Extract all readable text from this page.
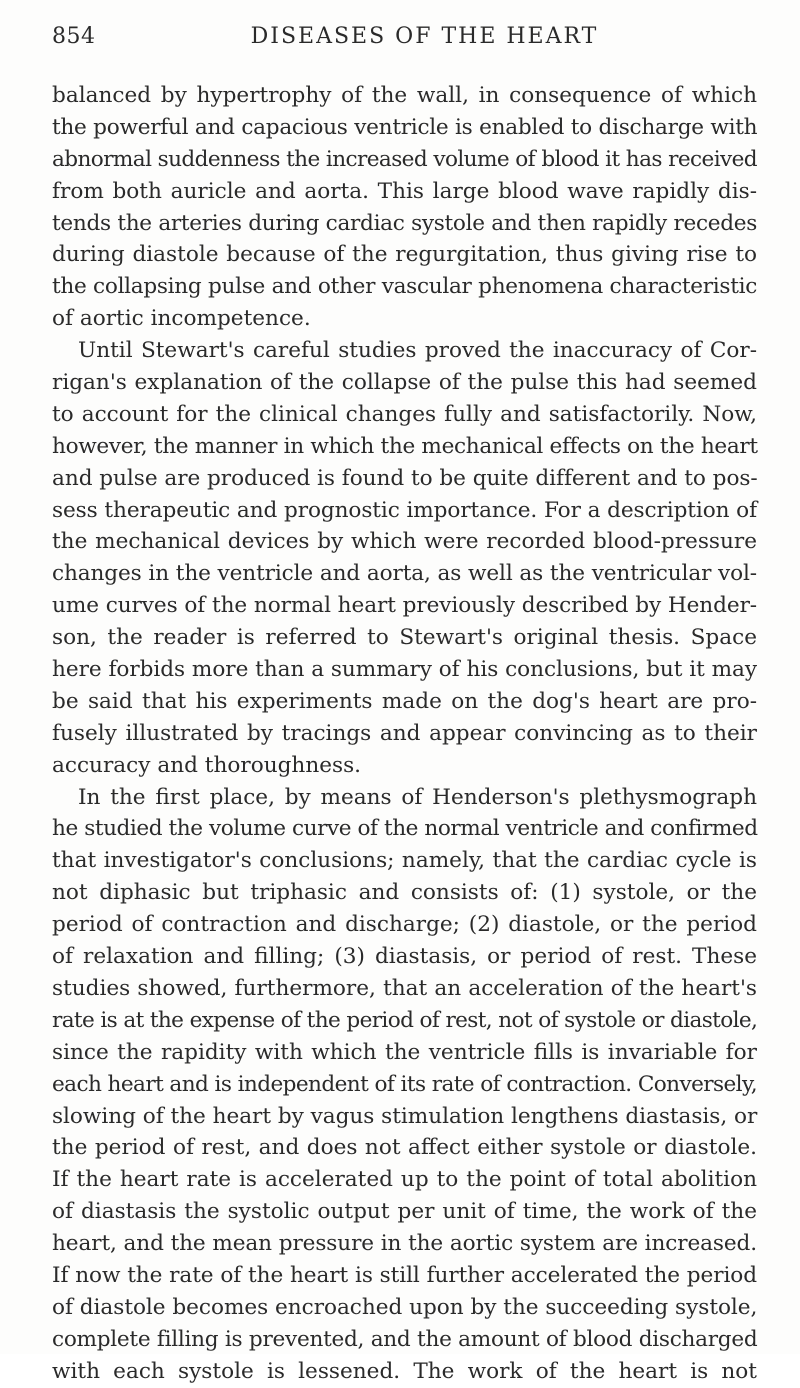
854	DISEASES OF THE HEART
balanced by hypertrophy of the wall, in consequence of which
the powerful and capacious ventricle is enabled to discharge with
abnormal suddenness the increased volume of blood it has received
from both auricle and aorta. This large blood wave rapidly dis-
tends the arteries during cardiac systole and then rapidly recedes
during diastole because of the regurgitation, thus giving rise to
the collapsing pulse and other vascular phenomena characteristic
of aortic incompetence.
Until Stewart's careful studies proved the inaccuracy of Cor-
rigan's explanation of the collapse of the pulse this had seemed
to account for the clinical changes fully and satisfactorily. Now,
however, the manner in which the mechanical effects on the heart
and pulse are produced is found to be quite different and to pos-
sess therapeutic and prognostic importance. For a description of
the mechanical devices by which were recorded blood-pressure
changes in the ventricle and aorta, as well as the ventricular vol-
ume curves of the normal heart previously described by Hender-
son, the reader is referred to Stewart's original thesis. Space
here forbids more than a summary of his conclusions, but it may
be said that his experiments made on the dog's heart are pro-
fusely illustrated by tracings and appear convincing as to their
accuracy and thoroughness.
In the first place, by means of Henderson's plethysmograph
he studied the volume curve of the normal ventricle and confirmed
that investigator's conclusions; namely, that the cardiac cycle is
not diphasic but triphasic and consists of: (1) systole, or the
period of contraction and discharge; (2) diastole, or the period
of relaxation and filling; (3) diastasis, or period of rest. These
studies showed, furthermore, that an acceleration of the heart's
rate is at the expense of the period of rest, not of systole or diastole,
since the rapidity with which the ventricle fills is invariable for
each heart and is independent of its rate of contraction. Conversely,
slowing of the heart by vagus stimulation lengthens diastasis, or
the period of rest, and does not affect either systole or diastole.
If the heart rate is accelerated up to the point of total abolition
of diastasis the systolic output per unit of time, the work of the
heart, and the mean pressure in the aortic system are increased.
If now the rate of the heart is still further accelerated the period
of diastole becomes encroached upon by the succeeding systole,
complete filling is prevented, and the amount of blood discharged
with each systole is lessened. The work of the heart is not
